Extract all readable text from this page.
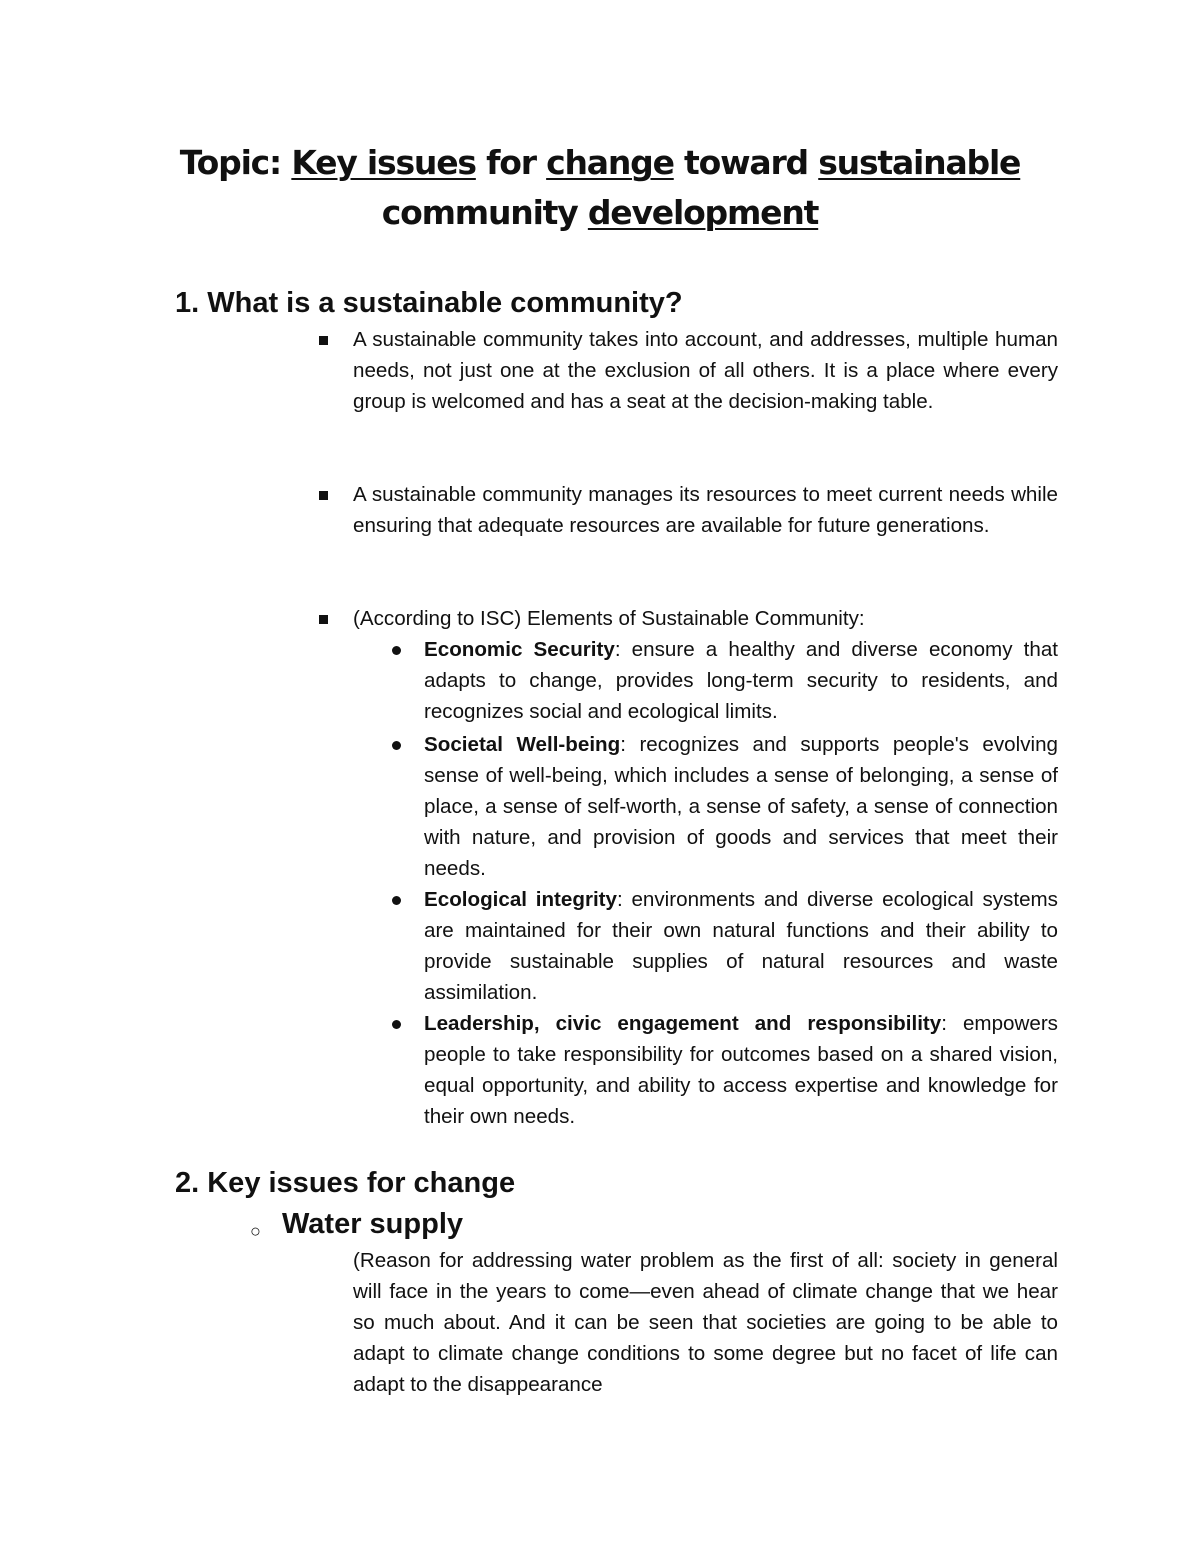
Topic: Key issues for change toward sustainable
community development
1. What is a sustainable community?

A sustainable community takes into account, and addresses, multiple human needs, not just one at the exclusion of all others. It is a place where every group is welcomed and has a seat at the decision-making table.

A sustainable community manages its resources to meet current needs while ensuring that adequate resources are available for future generations.

(According to ISC) Elements of Sustainable Community:

Economic Security: ensure a healthy and diverse economy that adapts to change, provides long-term security to residents, and recognizes social and ecological limits.

Societal Well-being: recognizes and supports people's evolving sense of well-being, which includes a sense of belonging, a sense of place, a sense of self-worth, a sense of safety, a sense of connection with nature, and provision of goods and services that meet their needs.

Ecological integrity: environments and diverse ecological systems are maintained for their own natural functions and their ability to provide sustainable supplies of natural resources and waste assimilation.

Leadership, civic engagement and responsibility: empowers people to take responsibility for outcomes based on a shared vision, equal opportunity, and ability to access expertise and knowledge for their own needs.

2. Key issues for change
○ Water supply

(Reason for addressing water problem as the first of all: society in general will face in the years to come—even ahead of climate change that we hear so much about. And it can be seen that societies are going to be able to adapt to climate change conditions to some degree but no facet of life can adapt to the disappearance
